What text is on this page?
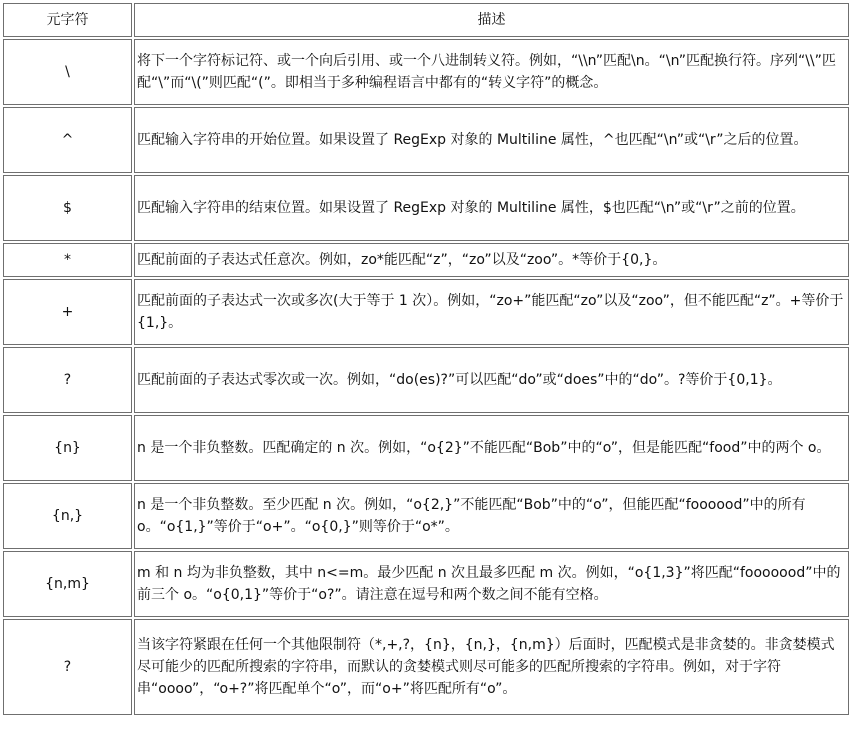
元字符	描述
\	将下一个字符标记符、或一个向后引用、或一个八进制转义符。例如，“\\n”匹配\n。“\n”匹配换行符。序列“\\”匹配“\”而“\(”则匹配“(”。即相当于多种编程语言中都有的“转义字符”的概念。
^	匹配输入字符串的开始位置。如果设置了 RegExp 对象的 Multiline 属性，^也匹配“\n”或“\r”之后的位置。
$	匹配输入字符串的结束位置。如果设置了 RegExp 对象的 Multiline 属性，$也匹配“\n”或“\r”之前的位置。
*	匹配前面的子表达式任意次。例如，zo*能匹配“z”，“zo”以及“zoo”。*等价于{0,}。
+	匹配前面的子表达式一次或多次(大于等于 1 次）。例如，“zo+”能匹配“zo”以及“zoo”，但不能匹配“z”。+等价于{1,}。
?	匹配前面的子表达式零次或一次。例如，“do(es)?”可以匹配“do”或“does”中的“do”。?等价于{0,1}。
{n}	n 是一个非负整数。匹配确定的 n 次。例如，“o{2}”不能匹配“Bob”中的“o”，但是能匹配“food”中的两个 o。
{n,}	n 是一个非负整数。至少匹配 n 次。例如，“o{2,}”不能匹配“Bob”中的“o”，但能匹配“foooood”中的所有 o。“o{1,}”等价于“o+”。“o{0,}”则等价于“o*”。
{n,m}	m 和 n 均为非负整数，其中 n<=m。最少匹配 n 次且最多匹配 m 次。例如，“o{1,3}”将匹配“fooooood”中的前三个 o。“o{0,1}”等价于“o?”。请注意在逗号和两个数之间不能有空格。
?	当该字符紧跟在任何一个其他限制符（*,+,?，{n}，{n,}，{n,m}）后面时，匹配模式是非贪婪的。非贪婪模式尽可能少的匹配所搜索的字符串，而默认的贪婪模式则尽可能多的匹配所搜索的字符串。例如，对于字符串“oooo”，“o+?”将匹配单个“o”，而“o+”将匹配所有“o”。
